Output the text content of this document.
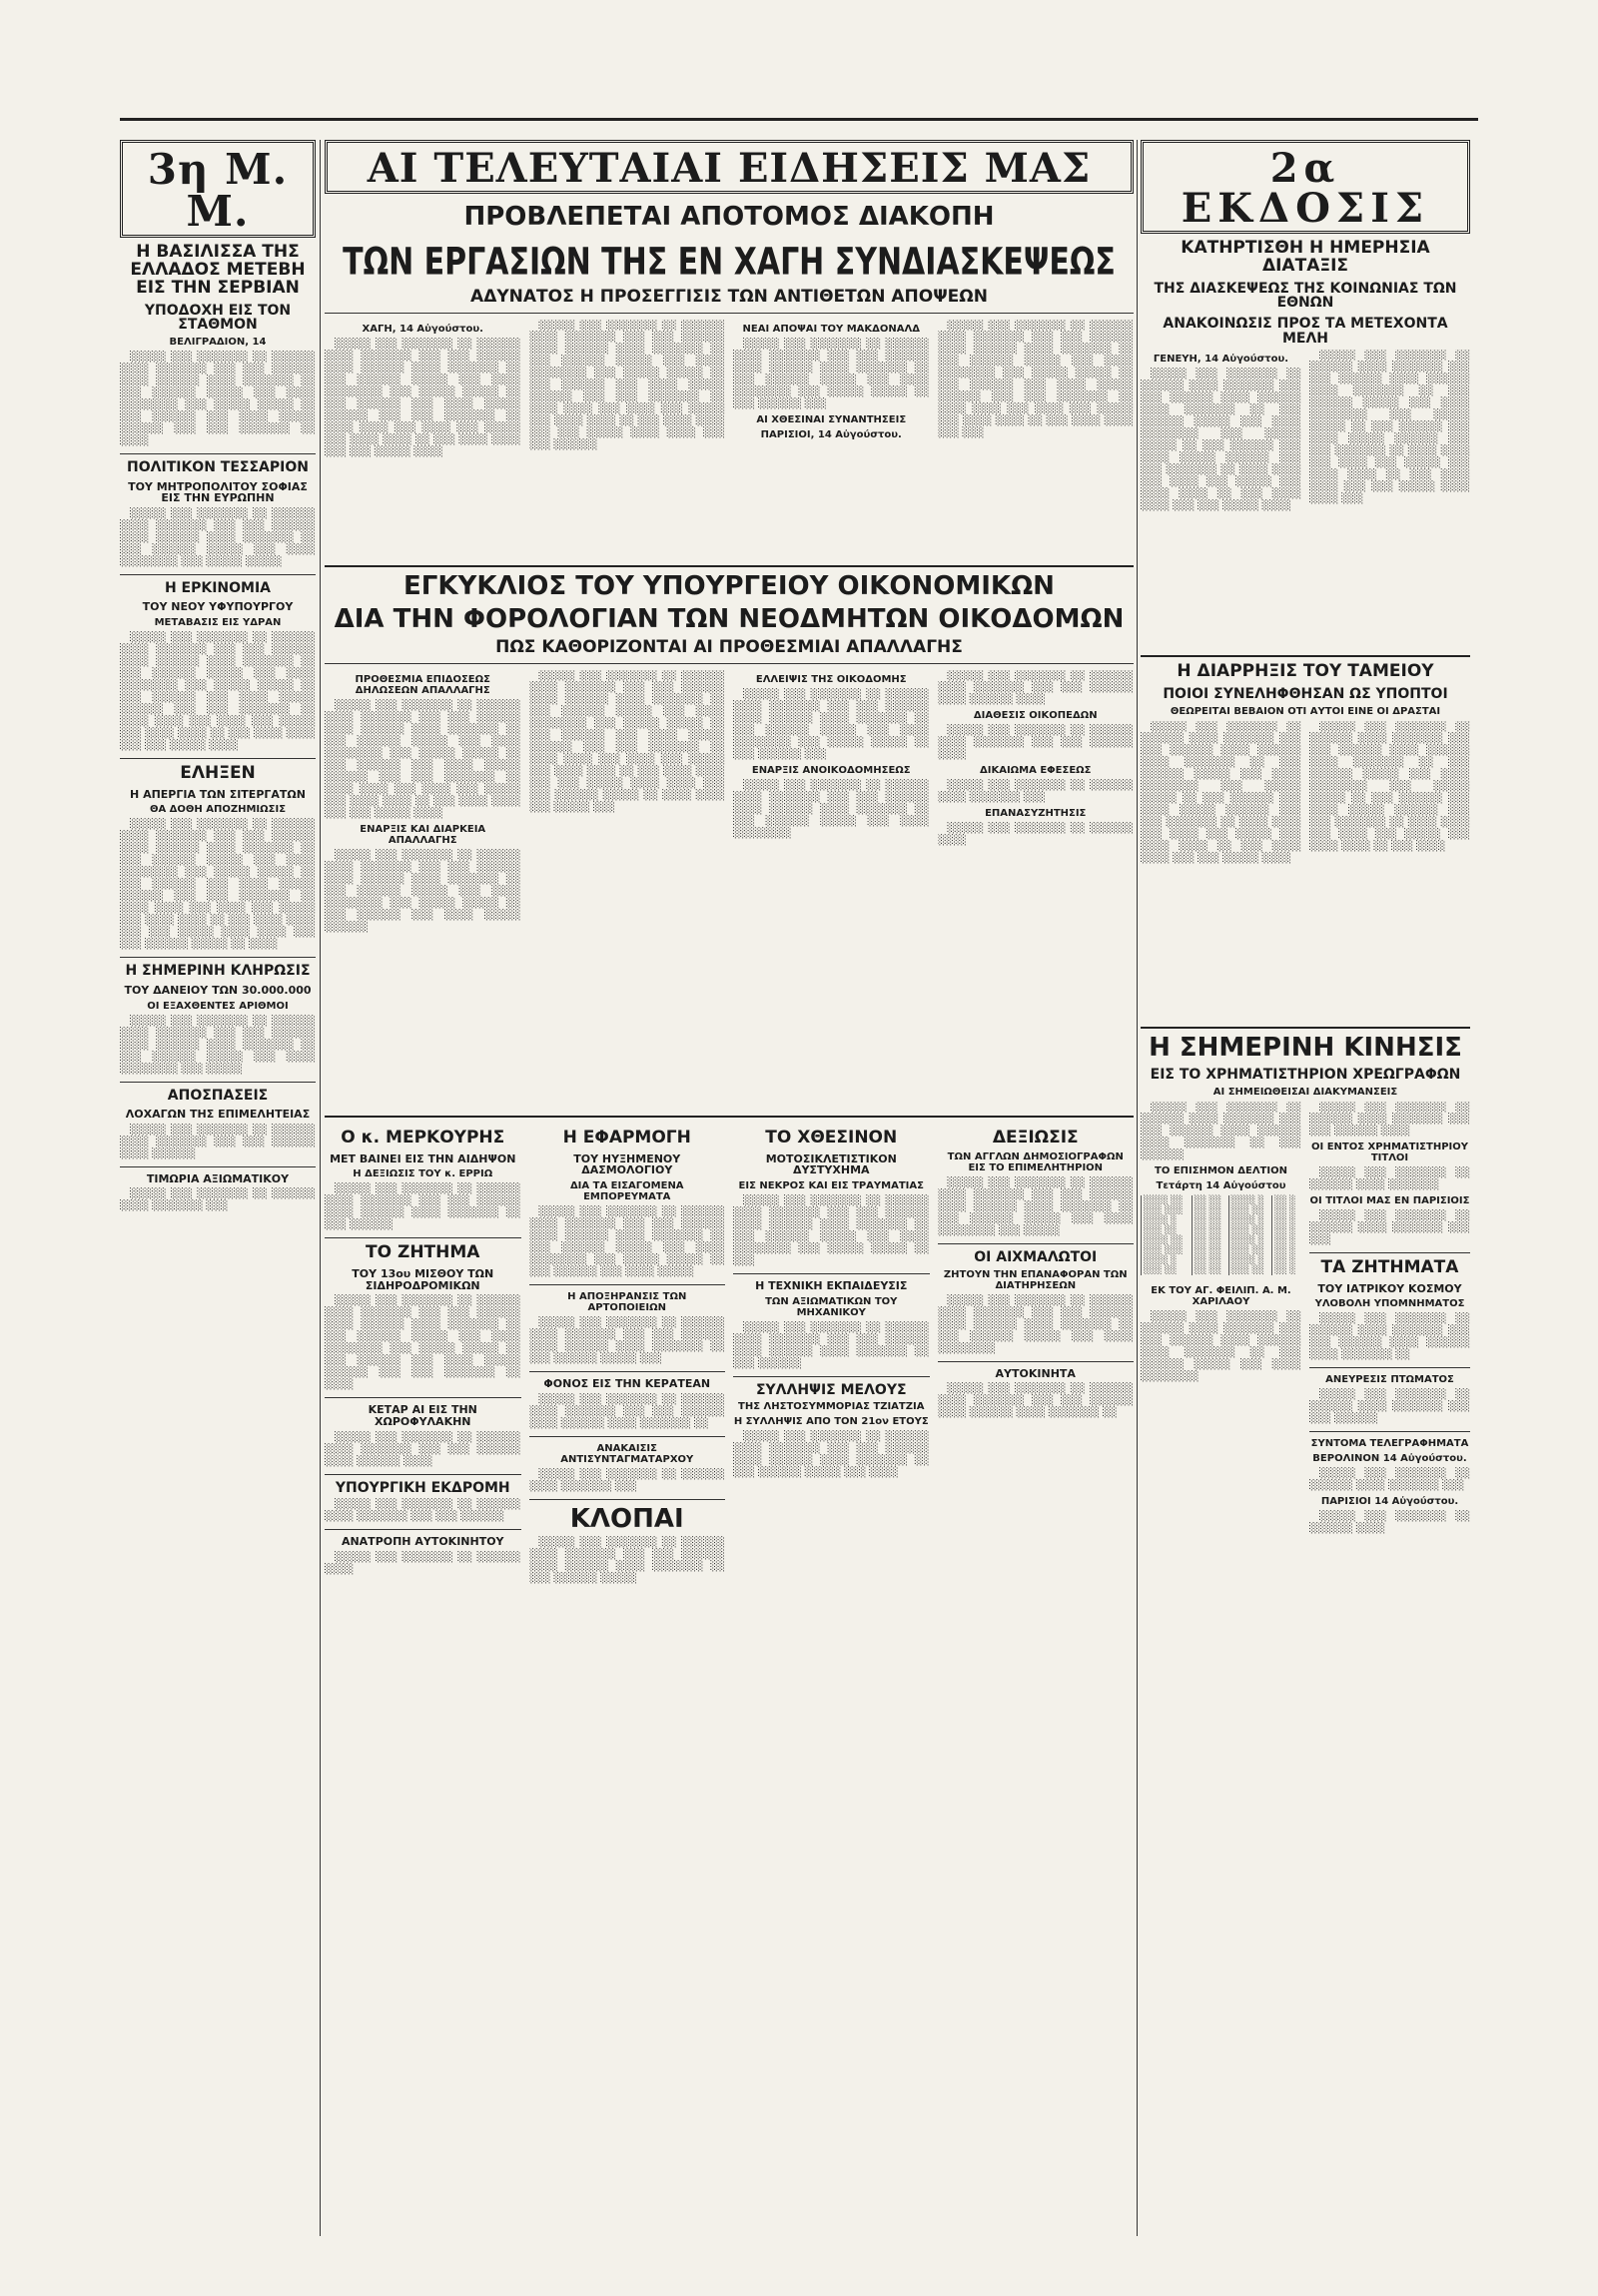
3η Μ. Μ.
Η ΒΑΣΙΛΙΣΣΑ ΤΗΣ ΕΛΛΑΔΟΣ ΜΕΤΕΒΗ ΕΙΣ ΤΗΝ ΣΕΡΒΙΑΝ
ΥΠΟΔΟΧΗ ΕΙΣ ΤΟΝ ΣΤΑΘΜΟΝ
ΒΕΛΙΓΡΑΔΙΟΝ, 14

░░░░░ ░░░ ░░░░░░░ ░░ ░░░░░░ ░░░░ ░░░░░░░ ░░░ ░░░ ░░░░░░ ░░░░ ░░░░░░ ░░░░ ░░░░░░░ ░░ ░░░ ░░░░░░ ░░░░░ ░░░ ░░░░ ░░░░░░░░ ░░░ ░░░░░ ░░░░░ ░░ ░░░ ░░░░░░ ░░░ ░░░░ ░░░░░ ░░░░░░ ░░░ ░░░ ░░░░░░░ ░░ ░░░░

ΠΟΛΙΤΙΚΟΝ ΤΕΣΣΑΡΙΟΝ
ΤΟΥ ΜΗΤΡΟΠΟΛΙΤΟΥ ΣΟΦΙΑΣ ΕΙΣ ΤΗΝ ΕΥΡΩΠΗΝ

░░░░░ ░░░ ░░░░░░░ ░░ ░░░░░░ ░░░░ ░░░░░░░ ░░░ ░░░ ░░░░░░ ░░░░ ░░░░░░ ░░░░ ░░░░░░░ ░░ ░░░ ░░░░░░ ░░░░░ ░░░ ░░░░ ░░░░░░░░ ░░░ ░░░░░ ░░░░░

Η ΕΡΚΙΝΟΜΙΑ
ΤΟΥ ΝΕΟΥ ΥΦΥΠΟΥΡΓΟΥ
ΜΕΤΑΒΑΣΙΣ ΕΙΣ ΥΔΡΑΝ

░░░░░ ░░░ ░░░░░░░ ░░ ░░░░░░ ░░░░ ░░░░░░░ ░░░ ░░░ ░░░░░░ ░░░░ ░░░░░░ ░░░░ ░░░░░░░ ░░ ░░░ ░░░░░░ ░░░░░ ░░░ ░░░░ ░░░░░░░░ ░░░ ░░░░░ ░░░░░ ░░ ░░░ ░░░░░░ ░░░ ░░░░ ░░░░░ ░░░░░░ ░░░ ░░░ ░░░░░░░ ░░ ░░░░ ░░░░ ░░░ ░░░░ ░░░ ░░░░░ ░░░ ░░░░ ░░░░ ░░ ░░░ ░░░░ ░░░░ ░░░ ░░░ ░░░░░ ░░░░

ΕΛΗΞΕΝ
Η ΑΠΕΡΓΙΑ ΤΩΝ ΣΙΤΕΡΓΑΤΩΝ
ΘΑ ΔΟΘΗ ΑΠΟΖΗΜΙΩΣΙΣ

░░░░░ ░░░ ░░░░░░░ ░░ ░░░░░░ ░░░░ ░░░░░░░ ░░░ ░░░ ░░░░░░ ░░░░ ░░░░░░ ░░░░ ░░░░░░░ ░░ ░░░ ░░░░░░ ░░░░░ ░░░ ░░░░ ░░░░░░░░ ░░░ ░░░░░ ░░░░░ ░░ ░░░ ░░░░░░ ░░░ ░░░░ ░░░░░ ░░░░░░ ░░░ ░░░ ░░░░░░░ ░░ ░░░░ ░░░░ ░░░ ░░░░ ░░░ ░░░░░ ░░░ ░░░░ ░░░░ ░░ ░░░ ░░░░ ░░░░ ░░░ ░░░ ░░░░░ ░░░░ ░░░░ ░░░ ░░░ ░░░░░░ ░░░░░ ░░ ░░░░

Η ΣΗΜΕΡΙΝΗ ΚΛΗΡΩΣΙΣ
ΤΟΥ ΔΑΝΕΙΟΥ ΤΩΝ 30.000.000
ΟΙ ΕΞΑΧΘΕΝΤΕΣ ΑΡΙΘΜΟΙ

░░░░░ ░░░ ░░░░░░░ ░░ ░░░░░░ ░░░░ ░░░░░░░ ░░░ ░░░ ░░░░░░ ░░░░ ░░░░░░ ░░░░ ░░░░░░░ ░░ ░░░ ░░░░░░ ░░░░░ ░░░ ░░░░ ░░░░░░░░ ░░░ ░░░░░

ΑΠΟΣΠΑΣΕΙΣ
ΛΟΧΑΓΩΝ ΤΗΣ ΕΠΙΜΕΛΗΤΕΙΑΣ

░░░░░ ░░░ ░░░░░░░ ░░ ░░░░░░ ░░░░ ░░░░░░░ ░░░ ░░░ ░░░░░░ ░░░░ ░░░░░░

ΤΙΜΩΡΙΑ ΑΞΙΩΜΑΤΙΚΟΥ

░░░░░ ░░░ ░░░░░░░ ░░ ░░░░░░ ░░░░ ░░░░░░░ ░░░

ΑΙ ΤΕΛΕΥΤΑΙΑΙ ΕΙΔΗΣΕΙΣ ΜΑΣ
ΠΡΟΒΛΕΠΕΤΑΙ ΑΠΟΤΟΜΟΣ ΔΙΑΚΟΠΗ
ΤΩΝ ΕΡΓΑΣΙΩΝ ΤΗΣ ΕΝ ΧΑΓΗ ΣΥΝΔΙΑΣΚΕΨΕΩΣ
ΑΔΥΝΑΤΟΣ Η ΠΡΟΣΕΓΓΙΣΙΣ ΤΩΝ ΑΝΤΙΘΕΤΩΝ ΑΠΟΨΕΩΝ
ΧΑΓΗ, 14 Αὐγούστου.

░░░░░ ░░░ ░░░░░░░ ░░ ░░░░░░ ░░░░ ░░░░░░░ ░░░ ░░░ ░░░░░░ ░░░░ ░░░░░░ ░░░░ ░░░░░░░ ░░ ░░░ ░░░░░░ ░░░░░ ░░░ ░░░░ ░░░░░░░░ ░░░ ░░░░░ ░░░░░ ░░ ░░░ ░░░░░░ ░░░ ░░░░ ░░░░░ ░░░░░░ ░░░ ░░░ ░░░░░░░ ░░ ░░░░ ░░░░ ░░░ ░░░░ ░░░ ░░░░░ ░░░ ░░░░ ░░░░ ░░ ░░░ ░░░░ ░░░░ ░░░ ░░░ ░░░░░ ░░░░

░░░░░ ░░░ ░░░░░░░ ░░ ░░░░░░ ░░░░ ░░░░░░░ ░░░ ░░░ ░░░░░░ ░░░░ ░░░░░░ ░░░░ ░░░░░░░ ░░ ░░░ ░░░░░░ ░░░░░ ░░░ ░░░░ ░░░░░░░░ ░░░ ░░░░░ ░░░░░ ░░ ░░░ ░░░░░░ ░░░ ░░░░ ░░░░░ ░░░░░░ ░░░ ░░░ ░░░░░░░ ░░ ░░░░ ░░░░ ░░░ ░░░░ ░░░ ░░░░░ ░░░ ░░░░ ░░░░ ░░ ░░░ ░░░░ ░░░░ ░░░ ░░░ ░░░░░ ░░░░ ░░░░ ░░░ ░░░ ░░░░░░

ΝΕΑΙ ΑΠΟΨΑΙ ΤΟΥ ΜΑΚΔΟΝΑΛΔ

░░░░░ ░░░ ░░░░░░░ ░░ ░░░░░░ ░░░░ ░░░░░░░ ░░░ ░░░ ░░░░░░ ░░░░ ░░░░░░ ░░░░ ░░░░░░░ ░░ ░░░ ░░░░░░ ░░░░░ ░░░ ░░░░ ░░░░░░░░ ░░░ ░░░░░ ░░░░░ ░░ ░░░ ░░░░░░ ░░░

ΑΙ ΧΘΕΣΙΝΑΙ ΣΥΝΑΝΤΗΣΕΙΣ
ΠΑΡΙΣΙΟΙ, 14 Αὐγούστου.

░░░░░ ░░░ ░░░░░░░ ░░ ░░░░░░ ░░░░ ░░░░░░░ ░░░ ░░░ ░░░░░░ ░░░░ ░░░░░░ ░░░░ ░░░░░░░ ░░ ░░░ ░░░░░░ ░░░░░ ░░░ ░░░░ ░░░░░░░░ ░░░ ░░░░░ ░░░░░ ░░ ░░░ ░░░░░░ ░░░ ░░░░ ░░░░░ ░░░░░░ ░░░ ░░░ ░░░░░░░ ░░ ░░░░ ░░░░ ░░░ ░░░░ ░░░ ░░░░░ ░░░ ░░░░ ░░░░ ░░ ░░░ ░░░░ ░░░░ ░░░ ░░░

ΕΓΚΥΚΛΙΟΣ ΤΟΥ ΥΠΟΥΡΓΕΙΟΥ ΟΙΚΟΝΟΜΙΚΩΝ
ΔΙΑ ΤΗΝ ΦΟΡΟΛΟΓΙΑΝ ΤΩΝ ΝΕΟΔΜΗΤΩΝ ΟΙΚΟΔΟΜΩΝ
ΠΩΣ ΚΑΘΟΡΙΖΟΝΤΑΙ ΑΙ ΠΡΟΘΕΣΜΙΑΙ ΑΠΑΛΛΑΓΗΣ
ΠΡΟΘΕΣΜΙΑ ΕΠΙΔΟΣΕΩΣ ΔΗΛΩΣΕΩΝ ΑΠΑΛΛΑΓΗΣ

░░░░░ ░░░ ░░░░░░░ ░░ ░░░░░░ ░░░░ ░░░░░░░ ░░░ ░░░ ░░░░░░ ░░░░ ░░░░░░ ░░░░ ░░░░░░░ ░░ ░░░ ░░░░░░ ░░░░░ ░░░ ░░░░ ░░░░░░░░ ░░░ ░░░░░ ░░░░░ ░░ ░░░ ░░░░░░ ░░░ ░░░░ ░░░░░ ░░░░░░ ░░░ ░░░ ░░░░░░░ ░░ ░░░░ ░░░░ ░░░ ░░░░ ░░░ ░░░░░ ░░░ ░░░░ ░░░░ ░░ ░░░ ░░░░ ░░░░ ░░░ ░░░ ░░░░░ ░░░░

ΕΝΑΡΞΙΣ ΚΑΙ ΔΙΑΡΚΕΙΑ ΑΠΑΛΛΑΓΗΣ

░░░░░ ░░░ ░░░░░░░ ░░ ░░░░░░ ░░░░ ░░░░░░░ ░░░ ░░░ ░░░░░░ ░░░░ ░░░░░░ ░░░░ ░░░░░░░ ░░ ░░░ ░░░░░░ ░░░░░ ░░░ ░░░░ ░░░░░░░░ ░░░ ░░░░░ ░░░░░ ░░ ░░░ ░░░░░░ ░░░ ░░░░ ░░░░░ ░░░░░░

░░░░░ ░░░ ░░░░░░░ ░░ ░░░░░░ ░░░░ ░░░░░░░ ░░░ ░░░ ░░░░░░ ░░░░ ░░░░░░ ░░░░ ░░░░░░░ ░░ ░░░ ░░░░░░ ░░░░░ ░░░ ░░░░ ░░░░░░░░ ░░░ ░░░░░ ░░░░░ ░░ ░░░ ░░░░░░ ░░░ ░░░░ ░░░░░ ░░░░░░ ░░░ ░░░ ░░░░░░░ ░░ ░░░░ ░░░░ ░░░ ░░░░ ░░░ ░░░░░ ░░░ ░░░░ ░░░░ ░░ ░░░ ░░░░ ░░░░ ░░░ ░░░ ░░░░░ ░░░░ ░░░░ ░░░ ░░░ ░░░░░░ ░░░░░ ░░ ░░░░ ░░░░ ░░░ ░░░░░ ░░░

ΕΛΛΕΙΨΙΣ ΤΗΣ ΟΙΚΟΔΟΜΗΣ

░░░░░ ░░░ ░░░░░░░ ░░ ░░░░░░ ░░░░ ░░░░░░░ ░░░ ░░░ ░░░░░░ ░░░░ ░░░░░░ ░░░░ ░░░░░░░ ░░ ░░░ ░░░░░░ ░░░░░ ░░░ ░░░░ ░░░░░░░░ ░░░ ░░░░░ ░░░░░ ░░ ░░░ ░░░░░░ ░░░

ΕΝΑΡΞΙΣ ΑΝΟΙΚΟΔΟΜΗΣΕΩΣ

░░░░░ ░░░ ░░░░░░░ ░░ ░░░░░░ ░░░░ ░░░░░░░ ░░░ ░░░ ░░░░░░ ░░░░ ░░░░░░ ░░░░ ░░░░░░░ ░░ ░░░ ░░░░░░ ░░░░░ ░░░ ░░░░ ░░░░░░░░

░░░░░ ░░░ ░░░░░░░ ░░ ░░░░░░ ░░░░ ░░░░░░░ ░░░ ░░░ ░░░░░░ ░░░░ ░░░░░░ ░░░░

ΔΙΑΘΕΣΙΣ ΟΙΚΟΠΕΔΩΝ

░░░░░ ░░░ ░░░░░░░ ░░ ░░░░░░ ░░░░ ░░░░░░░ ░░░ ░░░ ░░░░░░ ░░░░

ΔΙΚΑΙΩΜΑ ΕΦΕΣΕΩΣ

░░░░░ ░░░ ░░░░░░░ ░░ ░░░░░░ ░░░░ ░░░░░░░ ░░░

ΕΠΑΝΑΣΥΖΗΤΗΣΙΣ

░░░░░ ░░░ ░░░░░░░ ░░ ░░░░░░ ░░░░

Ο κ. ΜΕΡΚΟΥΡΗΣ
ΜΕΤ ΒΑΙΝΕΙ ΕΙΣ ΤΗΝ ΑΙΔΗΨΟΝ
Η ΔΕΞΙΩΣΙΣ ΤΟΥ κ. ΕΡΡΙΩ

░░░░░ ░░░ ░░░░░░░ ░░ ░░░░░░ ░░░░ ░░░░░░░ ░░░ ░░░ ░░░░░░ ░░░░ ░░░░░░ ░░░░ ░░░░░░░ ░░ ░░░ ░░░░░░

ΤΟ ΖΗΤΗΜΑ
ΤΟΥ 13ου ΜΙΣΘΟΥ ΤΩΝ ΣΙΔΗΡΟΔΡΟΜΙΚΩΝ

░░░░░ ░░░ ░░░░░░░ ░░ ░░░░░░ ░░░░ ░░░░░░░ ░░░ ░░░ ░░░░░░ ░░░░ ░░░░░░ ░░░░ ░░░░░░░ ░░ ░░░ ░░░░░░ ░░░░░ ░░░ ░░░░ ░░░░░░░░ ░░░ ░░░░░ ░░░░░ ░░ ░░░ ░░░░░░ ░░░ ░░░░ ░░░░░ ░░░░░░ ░░░ ░░░ ░░░░░░░ ░░ ░░░░

ΚΕΤΑΡ ΑΙ ΕΙΣ ΤΗΝ ΧΩΡΟΦΥΛΑΚΗΝ

░░░░░ ░░░ ░░░░░░░ ░░ ░░░░░░ ░░░░ ░░░░░░░ ░░░ ░░░ ░░░░░░ ░░░░ ░░░░░░ ░░░░

ΥΠΟΥΡΓΙΚΗ ΕΚΔΡΟΜΗ

░░░░░ ░░░ ░░░░░░░ ░░ ░░░░░░ ░░░░ ░░░░░░░ ░░░ ░░░ ░░░░░░

ΑΝΑΤΡΟΠΗ ΑΥΤΟΚΙΝΗΤΟΥ

░░░░░ ░░░ ░░░░░░░ ░░ ░░░░░░ ░░░░

Η ΕΦΑΡΜΟΓΗ
ΤΟΥ ΗΥΞΗΜΕΝΟΥ ΔΑΣΜΟΛΟΓΙΟΥ
ΔΙΑ ΤΑ ΕΙΣΑΓΟΜΕΝΑ ΕΜΠΟΡΕΥΜΑΤΑ

░░░░░ ░░░ ░░░░░░░ ░░ ░░░░░░ ░░░░ ░░░░░░░ ░░░ ░░░ ░░░░░░ ░░░░ ░░░░░░ ░░░░ ░░░░░░░ ░░ ░░░ ░░░░░░ ░░░░░ ░░░ ░░░░ ░░░░░░░░ ░░░ ░░░░░ ░░░░░ ░░ ░░░ ░░░░░░ ░░░ ░░░░ ░░░░░

Η ΑΠΟΞΗΡΑΝΣΙΣ ΤΩΝ ΑΡΤΟΠΟΙΕΙΩΝ

░░░░░ ░░░ ░░░░░░░ ░░ ░░░░░░ ░░░░ ░░░░░░░ ░░░ ░░░ ░░░░░░ ░░░░ ░░░░░░ ░░░░ ░░░░░░░ ░░ ░░░ ░░░░░░ ░░░░░ ░░░

ΦΟΝΟΣ ΕΙΣ ΤΗΝ ΚΕΡΑΤΕΑΝ

░░░░░ ░░░ ░░░░░░░ ░░ ░░░░░░ ░░░░ ░░░░░░░ ░░░ ░░░ ░░░░░░ ░░░░ ░░░░░░ ░░░░ ░░░░░░░ ░░

ΑΝΑΚΑΙΣΙΣ ΑΝΤΙΣΥΝΤΑΓΜΑΤΑΡΧΟΥ

░░░░░ ░░░ ░░░░░░░ ░░ ░░░░░░ ░░░░ ░░░░░░░ ░░░

ΚΛΟΠΑΙ

░░░░░ ░░░ ░░░░░░░ ░░ ░░░░░░ ░░░░ ░░░░░░░ ░░░ ░░░ ░░░░░░ ░░░░ ░░░░░░ ░░░░ ░░░░░░░ ░░ ░░░ ░░░░░░ ░░░░░

ΤΟ ΧΘΕΣΙΝΟΝ
ΜΟΤΟΣΙΚΛΕΤΙΣΤΙΚΟΝ ΔΥΣΤΥΧΗΜΑ
ΕΙΣ ΝΕΚΡΟΣ ΚΑΙ ΕΙΣ ΤΡΑΥΜΑΤΙΑΣ

░░░░░ ░░░ ░░░░░░░ ░░ ░░░░░░ ░░░░ ░░░░░░░ ░░░ ░░░ ░░░░░░ ░░░░ ░░░░░░ ░░░░ ░░░░░░░ ░░ ░░░ ░░░░░░ ░░░░░ ░░░ ░░░░ ░░░░░░░░ ░░░ ░░░░░ ░░░░░ ░░ ░░░

Η ΤΕΧΝΙΚΗ ΕΚΠΑΙΔΕΥΣΙΣ
ΤΩΝ ΑΞΙΩΜΑΤΙΚΩΝ ΤΟΥ ΜΗΧΑΝΙΚΟΥ

░░░░░ ░░░ ░░░░░░░ ░░ ░░░░░░ ░░░░ ░░░░░░░ ░░░ ░░░ ░░░░░░ ░░░░ ░░░░░░ ░░░░ ░░░░░░░ ░░ ░░░ ░░░░░░

ΣΥΛΛΗΨΙΣ ΜΕΛΟΥΣ
ΤΗΣ ΛΗΣΤΟΣΥΜΜΟΡΙΑΣ ΤΖΙΑΤΖΙΑ
Η ΣΥΛΛΗΨΙΣ ΑΠΟ ΤΟΝ 21ον ΕΤΟΥΣ

░░░░░ ░░░ ░░░░░░░ ░░ ░░░░░░ ░░░░ ░░░░░░░ ░░░ ░░░ ░░░░░░ ░░░░ ░░░░░░ ░░░░ ░░░░░░░ ░░ ░░░ ░░░░░░ ░░░░░ ░░░ ░░░░

ΔΕΞΙΩΣΙΣ
ΤΩΝ ΑΓΓΛΩΝ ΔΗΜΟΣΙΟΓΡΑΦΩΝ ΕΙΣ ΤΟ ΕΠΙΜΕΛΗΤΗΡΙΟΝ

░░░░░ ░░░ ░░░░░░░ ░░ ░░░░░░ ░░░░ ░░░░░░░ ░░░ ░░░ ░░░░░░ ░░░░ ░░░░░░ ░░░░ ░░░░░░░ ░░ ░░░ ░░░░░░ ░░░░░ ░░░ ░░░░ ░░░░░░░░ ░░░ ░░░░░

ΟΙ ΑΙΧΜΑΛΩΤΟΙ
ΖΗΤΟΥΝ ΤΗΝ ΕΠΑΝΑΦΟΡΑΝ ΤΩΝ ΔΙΑΤΗΡΗΣΕΩΝ

░░░░░ ░░░ ░░░░░░░ ░░ ░░░░░░ ░░░░ ░░░░░░░ ░░░ ░░░ ░░░░░░ ░░░░ ░░░░░░ ░░░░ ░░░░░░░ ░░ ░░░ ░░░░░░ ░░░░░ ░░░ ░░░░ ░░░░░░░░

ΑΥΤΟΚΙΝΗΤΑ

░░░░░ ░░░ ░░░░░░░ ░░ ░░░░░░ ░░░░ ░░░░░░░ ░░░ ░░░ ░░░░░░ ░░░░ ░░░░░░ ░░░░ ░░░░░░░ ░░

2α ΕΚΔΟΣΙΣ
ΚΑΤΗΡΤΙΣΘΗ Η ΗΜΕΡΗΣΙΑ ΔΙΑΤΑΞΙΣ
ΤΗΣ ΔΙΑΣΚΕΨΕΩΣ ΤΗΣ ΚΟΙΝΩΝΙΑΣ ΤΩΝ ΕΘΝΩΝ
ΑΝΑΚΟΙΝΩΣΙΣ ΠΡΟΣ ΤΑ ΜΕΤΕΧΟΝΤΑ ΜΕΛΗ
ΓΕΝΕΥΗ, 14 Αὐγούστου.

░░░░░ ░░░ ░░░░░░░ ░░ ░░░░░░ ░░░░ ░░░░░░░ ░░░ ░░░ ░░░░░░ ░░░░ ░░░░░░ ░░░░ ░░░░░░░ ░░ ░░░ ░░░░░░ ░░░░░ ░░░ ░░░░ ░░░░░░░░ ░░░ ░░░░░ ░░░░░ ░░ ░░░ ░░░░░░ ░░░ ░░░░ ░░░░░ ░░░░░░ ░░░ ░░░ ░░░░░░░ ░░ ░░░░ ░░░░ ░░░ ░░░░ ░░░ ░░░░░ ░░░ ░░░░ ░░░░ ░░ ░░░ ░░░░ ░░░░ ░░░ ░░░ ░░░░░ ░░░░

░░░░░ ░░░ ░░░░░░░ ░░ ░░░░░░ ░░░░ ░░░░░░░ ░░░ ░░░ ░░░░░░ ░░░░ ░░░░░░ ░░░░ ░░░░░░░ ░░ ░░░ ░░░░░░ ░░░░░ ░░░ ░░░░ ░░░░░░░░ ░░░ ░░░░░ ░░░░░ ░░ ░░░ ░░░░░░ ░░░ ░░░░ ░░░░░ ░░░░░░ ░░░ ░░░ ░░░░░░░ ░░ ░░░░ ░░░░ ░░░ ░░░░ ░░░ ░░░░░ ░░░ ░░░░ ░░░░ ░░ ░░░ ░░░░ ░░░░ ░░░ ░░░ ░░░░░ ░░░░ ░░░░ ░░░

Η ΔΙΑΡΡΗΞΙΣ ΤΟΥ ΤΑΜΕΙΟΥ
ΠΟΙΟΙ ΣΥΝΕΛΗΦΘΗΣΑΝ ΩΣ ΥΠΟΠΤΟΙ
ΘΕΩΡΕΙΤΑΙ ΒΕΒΑΙΟΝ ΟΤΙ ΑΥΤΟΙ ΕΙΝΕ ΟΙ ΔΡΑΣΤΑΙ

░░░░░ ░░░ ░░░░░░░ ░░ ░░░░░░ ░░░░ ░░░░░░░ ░░░ ░░░ ░░░░░░ ░░░░ ░░░░░░ ░░░░ ░░░░░░░ ░░ ░░░ ░░░░░░ ░░░░░ ░░░ ░░░░ ░░░░░░░░ ░░░ ░░░░░ ░░░░░ ░░ ░░░ ░░░░░░ ░░░ ░░░░ ░░░░░ ░░░░░░ ░░░ ░░░ ░░░░░░░ ░░ ░░░░ ░░░░ ░░░ ░░░░ ░░░ ░░░░░ ░░░ ░░░░ ░░░░ ░░ ░░░ ░░░░ ░░░░ ░░░ ░░░ ░░░░░ ░░░░

░░░░░ ░░░ ░░░░░░░ ░░ ░░░░░░ ░░░░ ░░░░░░░ ░░░ ░░░ ░░░░░░ ░░░░ ░░░░░░ ░░░░ ░░░░░░░ ░░ ░░░ ░░░░░░ ░░░░░ ░░░ ░░░░ ░░░░░░░░ ░░░ ░░░░░ ░░░░░ ░░ ░░░ ░░░░░░ ░░░ ░░░░ ░░░░░ ░░░░░░ ░░░ ░░░ ░░░░░░░ ░░ ░░░░ ░░░░ ░░░ ░░░░ ░░░ ░░░░░ ░░░ ░░░░ ░░░░ ░░ ░░░ ░░░░

Η ΣΗΜΕΡΙΝΗ ΚΙΝΗΣΙΣ
ΕΙΣ ΤΟ ΧΡΗΜΑΤΙΣΤΗΡΙΟΝ ΧΡΕΩΓΡΑΦΩΝ
ΑΙ ΣΗΜΕΙΩΘΕΙΣΑΙ ΔΙΑΚΥΜΑΝΣΕΙΣ

░░░░░ ░░░ ░░░░░░░ ░░ ░░░░░░ ░░░░ ░░░░░░░ ░░░ ░░░ ░░░░░░ ░░░░ ░░░░░░ ░░░░ ░░░░░░░ ░░ ░░░ ░░░░░░

ΤΟ ΕΠΙΣΗΜΟΝ ΔΕΛΤΙΟΝ
Τετάρτη 14 Αὐγούστου
░░░░ ░░	░░ ░░	░░░░ ░	░░ ░
░░░ ░░░	░░ ░░	░░░ ░░	░░ ░
░░░░ ░	░░ ░░	░░░░ ░	░░ ░
░░░ ░░	░░ ░░	░░░ ░░	░░ ░
░░░░ ░░	░░ ░░	░░░░ ░	░░ ░
░░░ ░░░	░░ ░░	░░░ ░░	░░ ░
░░░░ ░	░░ ░░	░░░░ ░	░░ ░
░░░ ░░	░░ ░░	░░░ ░░	░░ ░
ΕΚ ΤΟΥ ΑΓ. ΦΕΙΛΙΠ. Α. Μ. ΧΑΡΙΛΑΟΥ

░░░░░ ░░░ ░░░░░░░ ░░ ░░░░░░ ░░░░ ░░░░░░░ ░░░ ░░░ ░░░░░░ ░░░░ ░░░░░░ ░░░░ ░░░░░░░ ░░ ░░░ ░░░░░░ ░░░░░ ░░░ ░░░░ ░░░░░░░░

░░░░░ ░░░ ░░░░░░░ ░░ ░░░░░░ ░░░░ ░░░░░░░ ░░░ ░░░ ░░░░░░ ░░░░

ΟΙ ΕΝΤΟΣ ΧΡΗΜΑΤΙΣΤΗΡΙΟΥ ΤΙΤΛΟΙ

░░░░░ ░░░ ░░░░░░░ ░░ ░░░░░░ ░░░░ ░░░░░░░

ΟΙ ΤΙΤΛΟΙ ΜΑΣ ΕΝ ΠΑΡΙΣΙΟΙΣ

░░░░░ ░░░ ░░░░░░░ ░░ ░░░░░░ ░░░░ ░░░░░░░ ░░░ ░░░

ΤΑ ΖΗΤΗΜΑΤΑ
ΤΟΥ ΙΑΤΡΙΚΟΥ ΚΟΣΜΟΥ
ΥΛΟΒΟΛΗ ΥΠΟΜΝΗΜΑΤΟΣ

░░░░░ ░░░ ░░░░░░░ ░░ ░░░░░░ ░░░░ ░░░░░░░ ░░░ ░░░ ░░░░░░ ░░░░ ░░░░░░ ░░░░ ░░░░░░░ ░░

ΑΝΕΥΡΕΣΙΣ ΠΤΩΜΑΤΟΣ

░░░░░ ░░░ ░░░░░░░ ░░ ░░░░░░ ░░░░ ░░░░░░░ ░░░ ░░░ ░░░░░░

ΣΥΝΤΟΜΑ ΤΕΛΕΓΡΑΦΗΜΑΤΑ
ΒΕΡΟΛΙΝΟΝ 14 Αὐγούστου.

░░░░░ ░░░ ░░░░░░░ ░░ ░░░░░░ ░░░░ ░░░░░░░ ░░░

ΠΑΡΙΣΙΟΙ 14 Αὐγούστου.

░░░░░ ░░░ ░░░░░░░ ░░ ░░░░░░ ░░░░
